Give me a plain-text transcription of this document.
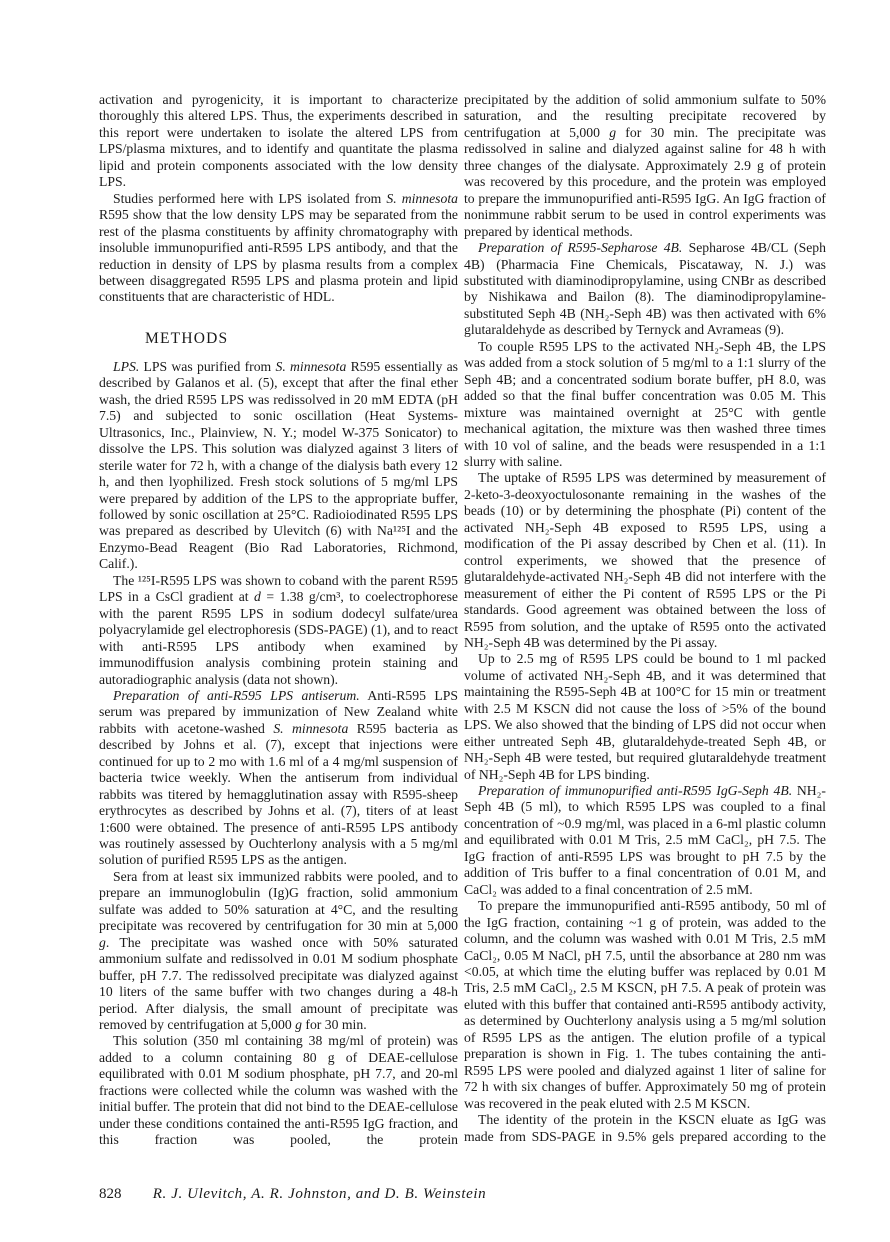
activation and pyrogenicity, it is important to characterize thoroughly this altered LPS. Thus, the experiments described in this report were undertaken to isolate the altered LPS from LPS/plasma mixtures, and to identify and quantitate the plasma lipid and protein components associated with the low density LPS.

Studies performed here with LPS isolated from S. minnesota R595 show that the low density LPS may be separated from the rest of the plasma constituents by affinity chromatography with insoluble immunopurified anti-R595 LPS antibody, and that the reduction in density of LPS by plasma results from a complex between disaggregated R595 LPS and plasma protein and lipid constituents that are characteristic of HDL.

METHODS

LPS. LPS was purified from S. minnesota R595 essentially as described by Galanos et al. (5), except that after the final ether wash, the dried R595 LPS was redissolved in 20 mM EDTA (pH 7.5) and subjected to sonic oscillation (Heat Systems-Ultrasonics, Inc., Plainview, N. Y.; model W-375 Sonicator) to dissolve the LPS. This solution was dialyzed against 3 liters of sterile water for 72 h, with a change of the dialysis bath every 12 h, and then lyophilized. Fresh stock solutions of 5 mg/ml LPS were prepared by addition of the LPS to the appropriate buffer, followed by sonic oscillation at 25°C. Radioiodinated R595 LPS was prepared as described by Ulevitch (6) with Na¹²⁵I and the Enzymo-Bead Reagent (Bio Rad Laboratories, Richmond, Calif.).

The ¹²⁵I-R595 LPS was shown to coband with the parent R595 LPS in a CsCl gradient at d = 1.38 g/cm³, to coelectrophorese with the parent R595 LPS in sodium dodecyl sulfate/urea polyacrylamide gel electrophoresis (SDS-PAGE) (1), and to react with anti-R595 LPS antibody when examined by immunodiffusion analysis combining protein staining and autoradiographic analysis (data not shown).

Preparation of anti-R595 LPS antiserum. Anti-R595 LPS serum was prepared by immunization of New Zealand white rabbits with acetone-washed S. minnesota R595 bacteria as described by Johns et al. (7), except that injections were continued for up to 2 mo with 1.6 ml of a 4 mg/ml suspension of bacteria twice weekly. When the antiserum from individual rabbits was titered by hemagglutination assay with R595-sheep erythrocytes as described by Johns et al. (7), titers of at least 1:600 were obtained. The presence of anti-R595 LPS antibody was routinely assessed by Ouchterlony analysis with a 5 mg/ml solution of purified R595 LPS as the antigen.

Sera from at least six immunized rabbits were pooled, and to prepare an immunoglobulin (Ig)G fraction, solid ammonium sulfate was added to 50% saturation at 4°C, and the resulting precipitate was recovered by centrifugation for 30 min at 5,000 g. The precipitate was washed once with 50% saturated ammonium sulfate and redissolved in 0.01 M sodium phosphate buffer, pH 7.7. The redissolved precipitate was dialyzed against 10 liters of the same buffer with two changes during a 48-h period. After dialysis, the small amount of precipitate was removed by centrifugation at 5,000 g for 30 min.

This solution (350 ml containing 38 mg/ml of protein) was added to a column containing 80 g of DEAE-cellulose equilibrated with 0.01 M sodium phosphate, pH 7.7, and 20-ml fractions were collected while the column was washed with the initial buffer. The protein that did not bind to the DEAE-cellulose under these conditions contained the anti-R595 IgG fraction, and this fraction was pooled, the protein

precipitated by the addition of solid ammonium sulfate to 50% saturation, and the resulting precipitate recovered by centrifugation at 5,000 g for 30 min. The precipitate was redissolved in saline and dialyzed against saline for 48 h with three changes of the dialysate. Approximately 2.9 g of protein was recovered by this procedure, and the protein was employed to prepare the immunopurified anti-R595 IgG. An IgG fraction of nonimmune rabbit serum to be used in control experiments was prepared by identical methods.

Preparation of R595-Sepharose 4B. Sepharose 4B/CL (Seph 4B) (Pharmacia Fine Chemicals, Piscataway, N. J.) was substituted with diaminodipropylamine, using CNBr as described by Nishikawa and Bailon (8). The diaminodipropylamine-substituted Seph 4B (NH₂-Seph 4B) was then activated with 6% glutaraldehyde as described by Ternyck and Avrameas (9).

To couple R595 LPS to the activated NH₂-Seph 4B, the LPS was added from a stock solution of 5 mg/ml to a 1:1 slurry of the Seph 4B; and a concentrated sodium borate buffer, pH 8.0, was added so that the final buffer concentration was 0.05 M. This mixture was maintained overnight at 25°C with gentle mechanical agitation, the mixture was then washed three times with 10 vol of saline, and the beads were resuspended in a 1:1 slurry with saline.

The uptake of R595 LPS was determined by measurement of 2-keto-3-deoxyoctulosonante remaining in the washes of the beads (10) or by determining the phosphate (Pi) content of the activated NH₂-Seph 4B exposed to R595 LPS, using a modification of the Pi assay described by Chen et al. (11). In control experiments, we showed that the presence of glutaraldehyde-activated NH₂-Seph 4B did not interfere with the measurement of either the Pi content of R595 LPS or the Pi standards. Good agreement was obtained between the loss of R595 from solution, and the uptake of R595 onto the activated NH₂-Seph 4B was determined by the Pi assay.

Up to 2.5 mg of R595 LPS could be bound to 1 ml packed volume of activated NH₂-Seph 4B, and it was determined that maintaining the R595-Seph 4B at 100°C for 15 min or treatment with 2.5 M KSCN did not cause the loss of >5% of the bound LPS. We also showed that the binding of LPS did not occur when either untreated Seph 4B, glutaraldehyde-treated Seph 4B, or NH₂-Seph 4B were tested, but required glutaraldehyde treatment of NH₂-Seph 4B for LPS binding.

Preparation of immunopurified anti-R595 IgG-Seph 4B. NH₂-Seph 4B (5 ml), to which R595 LPS was coupled to a final concentration of ~0.9 mg/ml, was placed in a 6-ml plastic column and equilibrated with 0.01 M Tris, 2.5 mM CaCl₂, pH 7.5. The IgG fraction of anti-R595 LPS was brought to pH 7.5 by the addition of Tris buffer to a final concentration of 0.01 M, and CaCl₂ was added to a final concentration of 2.5 mM.

To prepare the immunopurified anti-R595 antibody, 50 ml of the IgG fraction, containing ~1 g of protein, was added to the column, and the column was washed with 0.01 M Tris, 2.5 mM CaCl₂, 0.05 M NaCl, pH 7.5, until the absorbance at 280 nm was <0.05, at which time the eluting buffer was replaced by 0.01 M Tris, 2.5 mM CaCl₂, 2.5 M KSCN, pH 7.5. A peak of protein was eluted with this buffer that contained anti-R595 antibody activity, as determined by Ouchterlony analysis using a 5 mg/ml solution of R595 LPS as the antigen. The elution profile of a typical preparation is shown in Fig. 1. The tubes containing the anti-R595 LPS were pooled and dialyzed against 1 liter of saline for 72 h with six changes of buffer. Approximately 50 mg of protein was recovered in the peak eluted with 2.5 M KSCN.

The identity of the protein in the KSCN eluate as IgG was made from SDS-PAGE in 9.5% gels prepared according to the

828 R. J. Ulevitch, A. R. Johnston, and D. B. Weinstein
